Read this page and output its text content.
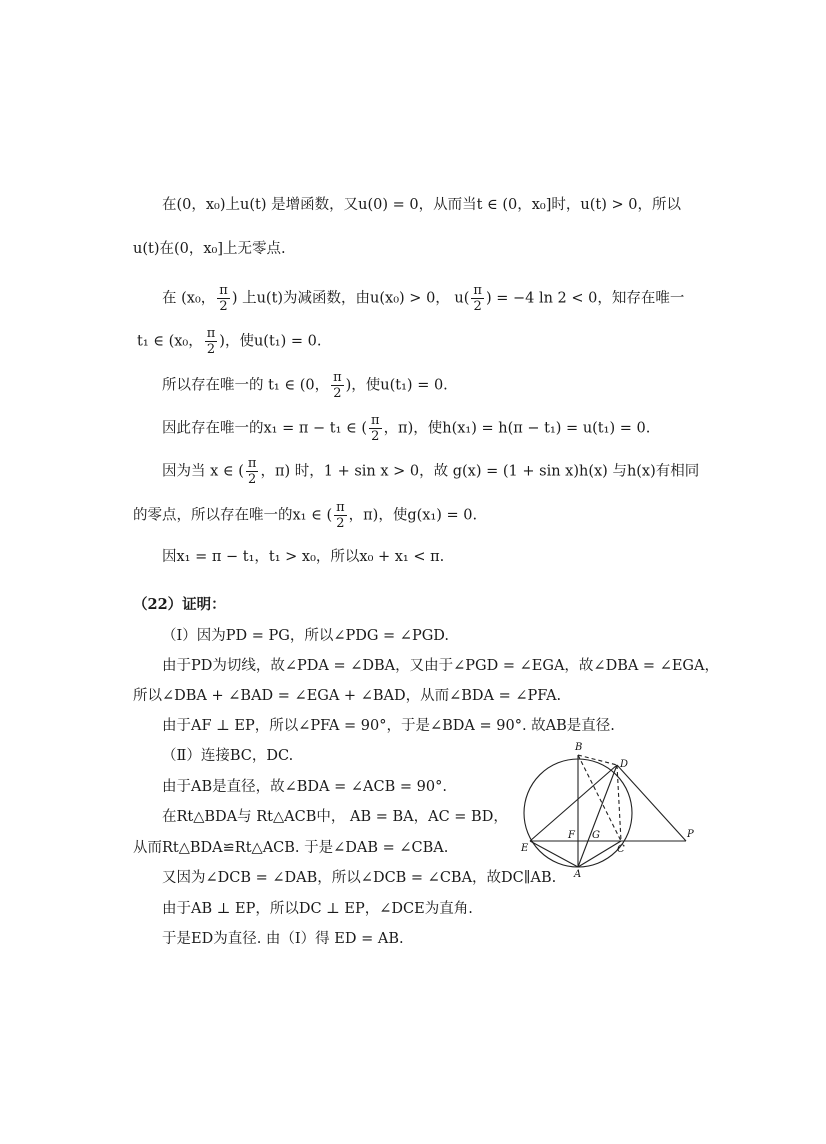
在(0，x₀)上u(t) 是增函数，又u(0) = 0，从而当t ∈ (0，x₀]时，u(t) > 0，所以
u(t)在(0，x₀]上无零点.
在 (x₀， $\frac{\pi}{2}$ ) 上u(t)为减函数，由u(x₀) > 0， $u( \frac{\pi}{2}$ ) = −4 ln 2 < 0，知存在唯一
t₁ ∈ (x₀， $\frac{\pi}{2}$ )，使u(t₁) = 0.
所以存在唯一的 t₁ ∈ (0， $\frac{\pi}{2}$ )，使u(t₁) = 0.
因此存在唯一的x₁ = π − t₁ ∈ ( $\frac{\pi}{2}$ ，π)，使h(x₁) = h(π − t₁) = u(t₁) = 0.
因为当 x ∈ ( $\frac{\pi}{2}$ ，π) 时，1 + sin x > 0，故 g(x) = (1 + sin x)h(x) 与h(x)有相同
的零点，所以存在唯一的x₁ ∈ ( $\frac{\pi}{2}$ ，π)，使g(x₁) = 0.
因x₁ = π − t₁，t₁ > x₀，所以x₀ + x₁ < π.
（22）证明：
（Ⅰ）因为PD = PG，所以∠PDG = ∠PGD.
由于PD为切线，故∠PDA = ∠DBA，又由于∠PGD = ∠EGA，故∠DBA = ∠EGA，
所以∠DBA + ∠BAD = ∠EGA + ∠BAD，从而∠BDA = ∠PFA.
由于AF ⊥ EP，所以∠PFA = 90°，于是∠BDA = 90°. 故AB是直径.
（Ⅱ）连接BC，DC.
由于AB是直径，故∠BDA = ∠ACB = 90°.
在Rt△BDA与 Rt△ACB中， AB = BA，AC = BD，
从而Rt△BDA≌Rt△ACB. 于是∠DAB = ∠CBA.
又因为∠DCB = ∠DAB，所以∠DCB = ∠CBA，故DC∥AB.
由于AB ⊥ EP，所以DC ⊥ EP，∠DCE为直角.
于是ED为直径. 由（Ⅰ）得 ED = AB.
B
D
F G
E	C
A
P
